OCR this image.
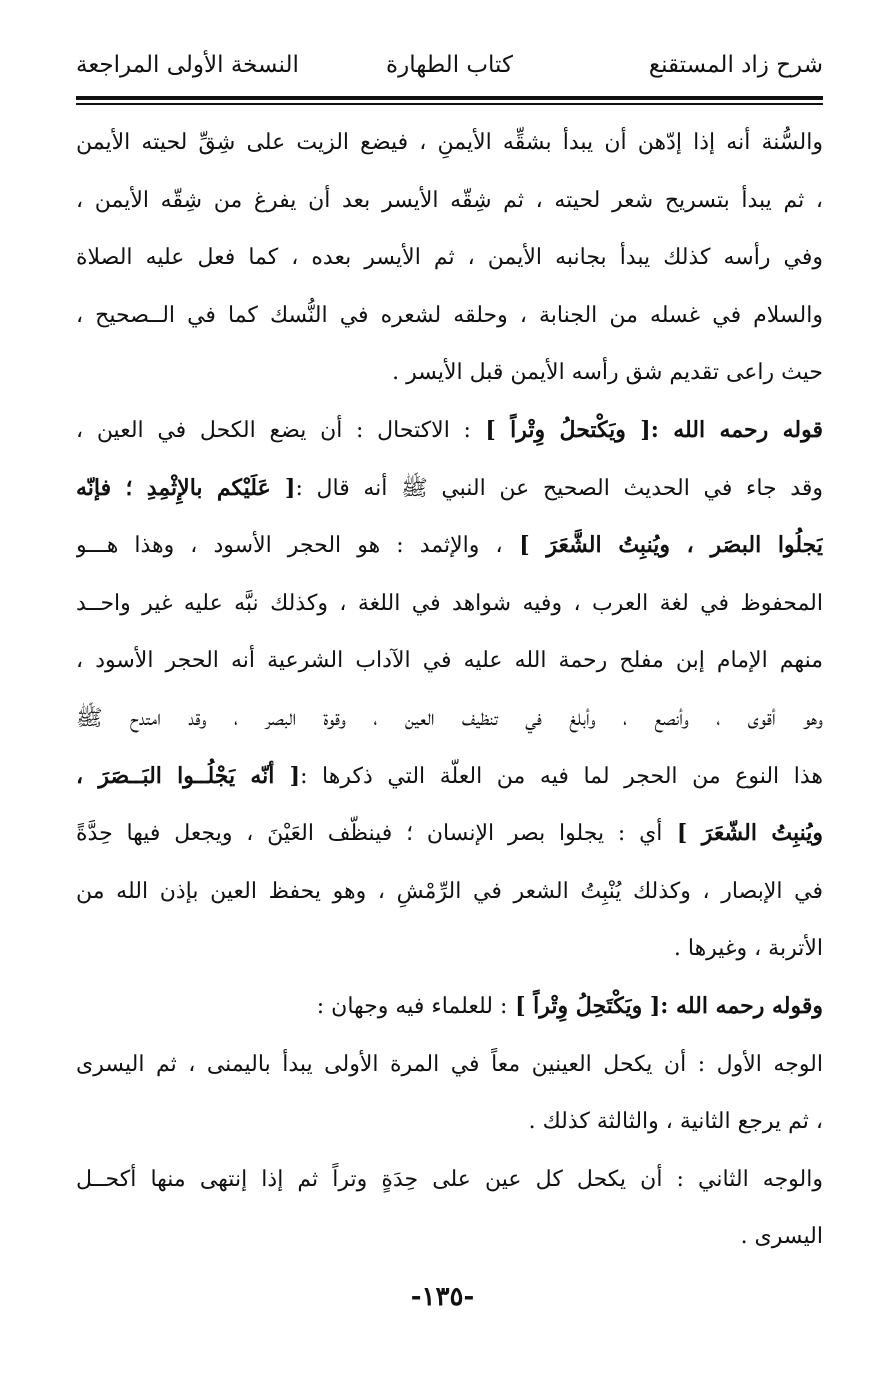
شرح زاد المستقنع
كتاب الطهارة
النسخة الأولى المراجعة
والسُّنة أنه إذا إدّهن أن يبدأ بشقِّه الأيمنِ ، فيضع الزيت على شِقِّ لحيته الأيمن
، ثم يبدأ بتسريح شعر لحيته ، ثم شِقّه الأيسر بعد أن يفرغ من شِقّه الأيمن ،
وفي رأسه كذلك يبدأ بجانبه الأيمن ، ثم الأيسر بعده ، كما فعل عليه الصلاة
والسلام في غسله من الجنابة ، وحلقه لشعره في النُّسك كما في الــصحيح ،
حيث راعى تقديم شق رأسه الأيمن قبل الأيسر .
قوله رحمه الله :[ ويَكْتحلُ وِتْراً ] : الاكتحال : أن يضع الكحل في العين ،
وقد جاء في الحديث الصحيح عن النبي ﷺ أنه قال :[ عَلَيْكم بالإِثْمِدِ ؛ فإنّه
يَجلُوا البصَر ، ويُنبِتُ الشَّعَرَ ] ، والإثمد : هو الحجر الأسود ، وهذا هـــو
المحفوظ في لغة العرب ، وفيه شواهد في اللغة ، وكذلك نبَّه عليه غير واحــد
منهم الإمام إبن مفلح رحمة الله عليه في الآداب الشرعية أنه الحجر الأسود ،
وهو أقوى ، وأنصع ، وأبلغ في تنظيف العين ، وقوة البصر ، وقد امتدح ﷺ
هذا النوع من الحجر لما فيه من العلّة التي ذكرها :[ أنّه يَجْلُــوا البَــصَرَ ،
ويُنبِتُ الشّعَرَ ] أي : يجلوا بصر الإنسان ؛ فينظّف العَيْنَ ، ويجعل فيها حِدَّةً
في الإبصار ، وكذلك يُنْبِتُ الشعر في الرِّمْشِ ، وهو يحفظ العين بإذن الله من
الأتربة ، وغيرها .
وقوله رحمه الله :[ ويَكْتَحِلُ وِتْراً ] : للعلماء فيه وجهان :
الوجه الأول : أن يكحل العينين معاً في المرة الأولى يبدأ باليمنى ، ثم اليسرى
، ثم يرجع الثانية ، والثالثة كذلك .
والوجه الثاني : أن يكحل كل عين على حِدَةٍ وتراً ثم إذا إنتهى منها أكحــل
اليسرى .
-١٣٥-
